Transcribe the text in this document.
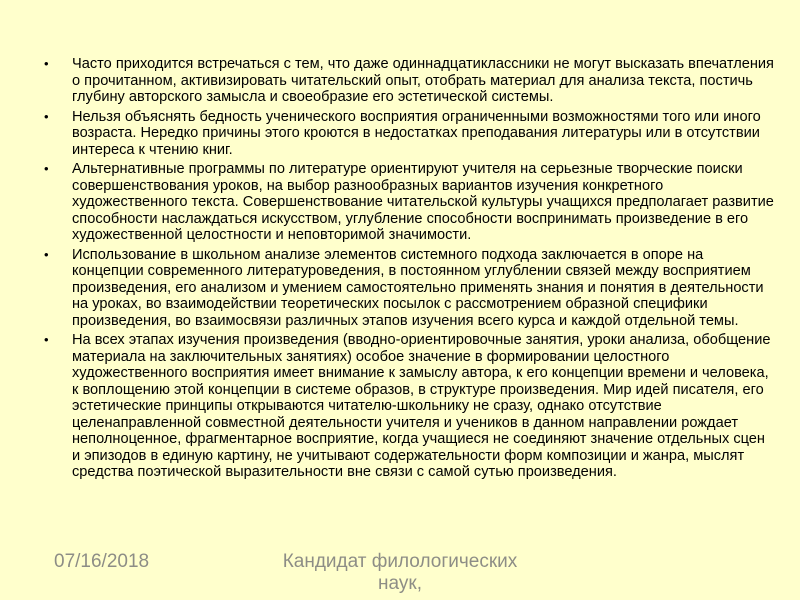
•	Часто приходится встречаться с тем, что даже одиннадцатиклассники не могут высказать впечатления о прочитанном, активизировать читательский опыт, отобрать материал для анализа текста, постичь глубину авторского замысла и своеобразие его эстетической системы.
•	Нельзя объяснять бедность ученического восприятия ограниченными возможностями того или иного возраста. Нередко причины этого кроются в недостатках преподавания литературы или в отсутствии интереса к чтению книг.
•	Альтернативные программы по литературе ориентируют учителя на серьезные творческие поиски совершенствования уроков, на выбор разнообразных вариантов изучения конкретного художественного текста. Совершенствование читательской культуры учащихся предполагает развитие способности наслаждаться искусством, углубление способности воспринимать произведение в его художественной целостности и неповторимой значимости.
•	Использование в школьном анализе элементов системного подхода заключается в опоре на концепции современного литературоведения, в постоянном углублении связей между восприятием произведения, его анализом и умением самостоятельно применять знания и понятия в деятельности на уроках, во взаимодействии теоретических посылок с рассмотрением образной специфики произведения, во взаимосвязи различных этапов изучения всего курса и каждой отдельной темы.
•	На всех этапах изучения произведения (вводно-ориентировочные занятия, уроки анализа, обобщение материала на заключительных занятиях) особое значение в формировании целостного художественного восприятия имеет внимание к замыслу автора, к его концепции времени и человека, к воплощению этой концепции в системе образов, в структуре произведения. Мир идей писателя, его эстетические принципы открываются читателю-школьнику не сразу, однако отсутствие целенаправленной совместной деятельности учителя и учеников в данном направлении рождает неполноценное, фрагментарное восприятие, когда учащиеся не соединяют значение отдельных сцен и эпизодов в единую картину, не учитывают содержательности форм композиции и жанра, мыслят средства поэтической выразительности вне связи с самой сутью произведения.
07/16/2018	Кандидат филологических наук,
